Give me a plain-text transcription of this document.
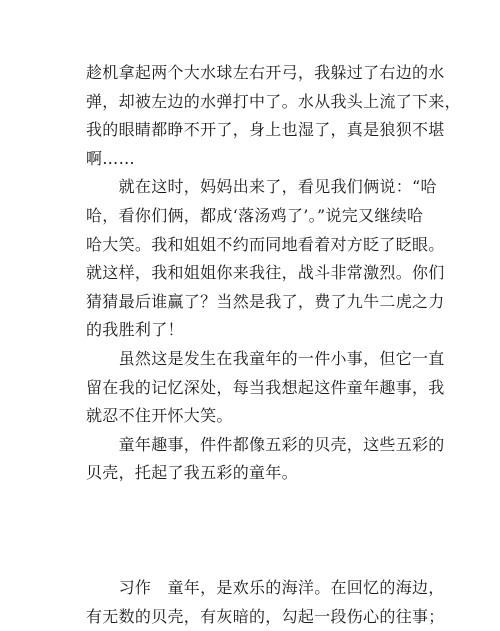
趁机拿起两个大水球左右开弓，我躲过了右边的水
弹，却被左边的水弹打中了。水从我头上流了下来，
我的眼睛都睁不开了，身上也湿了，真是狼狈不堪
啊……
　　就在这时，妈妈出来了，看见我们俩说：“哈
哈，看你们俩，都成‘落汤鸡了’。”说完又继续哈
哈大笑。我和姐姐不约而同地看着对方眨了眨眼。
就这样，我和姐姐你来我往，战斗非常激烈。你们
猜猜最后谁赢了？当然是我了，费了九牛二虎之力
的我胜利了！
　　虽然这是发生在我童年的一件小事，但它一直
留在我的记忆深处，每当我想起这件童年趣事，我
就忍不住开怀大笑。
　　童年趣事，件件都像五彩的贝壳，这些五彩的
贝壳，托起了我五彩的童年。
　　习作　童年，是欢乐的海洋。在回忆的海边，
有无数的贝壳，有灰暗的，勾起一段伤心的往事；
